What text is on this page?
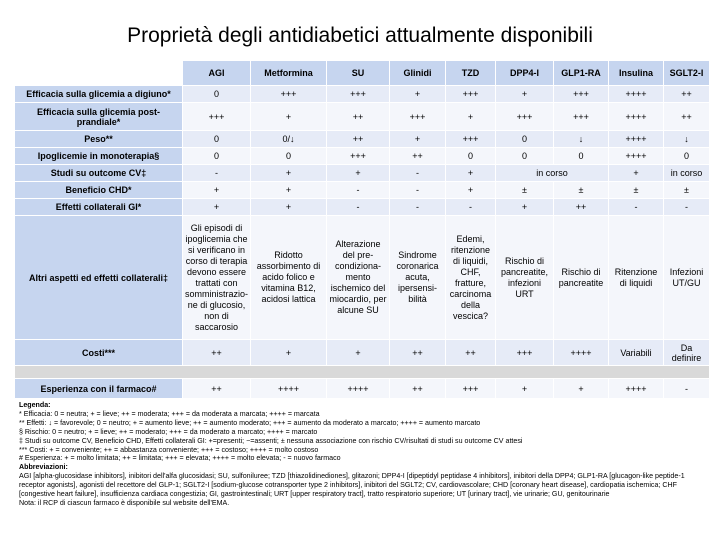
Proprietà degli antidiabetici attualmente disponibili
	AGI	Metformina	SU	Glinidi	TZD	DPP4-I	GLP1-RA	Insulina	SGLT2-I
Efficacia sulla glicemia a digiuno*	0	+++	+++	+	+++	+	+++	++++	++
Efficacia sulla glicemia post-prandiale*	+++	+	++	+++	+	+++	+++	++++	++
Peso**	0	0/↓	++	+	+++	0	↓	++++	↓
Ipoglicemie in monoterapia§	0	0	+++	++	0	0	0	++++	0
Studi su outcome CV‡	-	+	+	-	+	in corso		+	in corso
Beneficio CHD*	+	+	-	-	+	±	±	±	±
Effetti collaterali GI*	+	+	-	-	-	+	++	-	-
Altri aspetti ed effetti collaterali‡	Gli episodi di ipoglicemia che si verificano in corso di terapia devono essere trattati con somministrazio-ne di glucosio, non di saccarosio	Ridotto assorbimento di acido folico e vitamina B12, acidosi lattica	Alterazione del pre-condiziona-mento ischemico del miocardio, per alcune SU	Sindrome coronarica acuta, ipersensi-bilità	Edemi, ritenzione di liquidi, CHF, fratture, carcinoma della vescica?	Rischio di pancreatite, infezioni URT	Rischio di pancreatite	Ritenzione di liquidi	Infezioni UT/GU
Costi***	++	+	+	++	++	+++	++++	Variabili	Da definire

Esperienza con il farmaco#	++	++++	++++	++	+++	+	+	++++	-
Legenda:
* Efficacia: 0 = neutra; + = lieve; ++ = moderata; +++ = da moderata a marcata; ++++ = marcata
** Effetti: ↓ = favorevole; 0 = neutro; + = aumento lieve; ++ = aumento moderato; +++ = aumento da moderato a marcato; ++++ = aumento marcato
§ Rischio: 0 = neutro; + = lieve; ++ = moderato; +++ = da moderato a marcato; ++++ = marcato
‡ Studi su outcome CV, Beneficio CHD, Effetti collaterali GI: +=presenti; −=assenti; ± nessuna associazione con rischio CV/risultati di studi su outcome CV attesi
*** Costi: + = conveniente; ++ = abbastanza conveniente; +++ = costoso; ++++ = molto costoso
# Esperienza: + = molto limitata; ++ = limitata; +++ = elevata; ++++ = molto elevata; - = nuovo farmaco
Abbreviazioni:
AGI [alpha-glucosidase inhibitors], inibitori dell'alfa glucosidasi; SU, sulfoniluree; TZD [thiazolidinediones], glitazoni; DPP4-I [dipeptidyl peptidase 4 inhibitors], inibitori della DPP4; GLP1-RA [glucagon-like peptide-1 receptor agonists], agonisti del recettore del GLP-1; SGLT2-I [sodium-glucose cotransporter type 2 inhibitors], inibitori del SGLT2; CV, cardiovascolare; CHD [coronary heart disease], cardiopatia ischemica; CHF [congestive heart failure], insufficienza cardiaca congestizia; GI, gastrointestinali; URT [upper respiratory tract], tratto respiratorio superiore; UT [urinary tract], vie urinarie; GU, genitourinarie
Nota: il RCP di ciascun farmaco è disponibile sul website dell'EMA.
